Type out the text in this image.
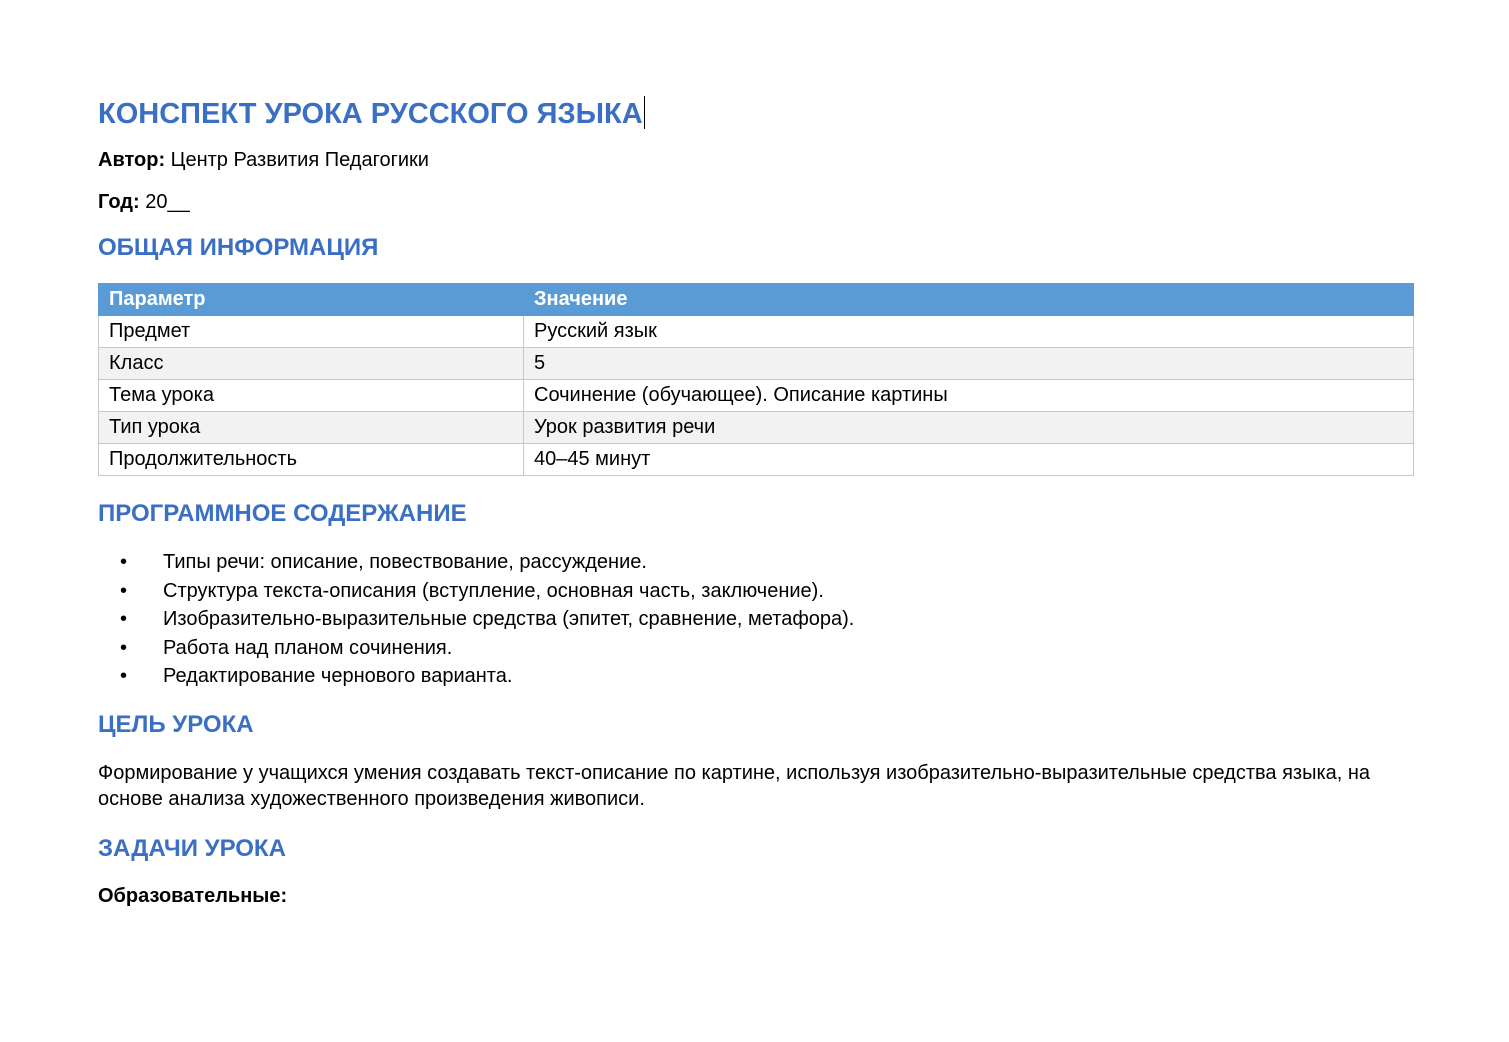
КОНСПЕКТ УРОКА РУССКОГО ЯЗЫКА

Автор: Центр Развития Педагогики

Год: 20__

ОБЩАЯ ИНФОРМАЦИЯ
Параметр	Значение
Предмет	Русский язык
Класс	5
Тема урока	Сочинение (обучающее). Описание картины
Тип урока	Урок развития речи
Продолжительность	40–45 минут
ПРОГРАММНОЕ СОДЕРЖАНИЕ
• Типы речи: описание, повествование, рассуждение.
• Структура текста-описания (вступление, основная часть, заключение).
• Изобразительно-выразительные средства (эпитет, сравнение, метафора).
• Работа над планом сочинения.
• Редактирование чернового варианта.
ЦЕЛЬ УРОКА

Формирование у учащихся умения создавать текст-описание по картине, используя изобразительно-выразительные средства языка, на основе анализа художественного произведения живописи.

ЗАДАЧИ УРОКА

Образовательные:
